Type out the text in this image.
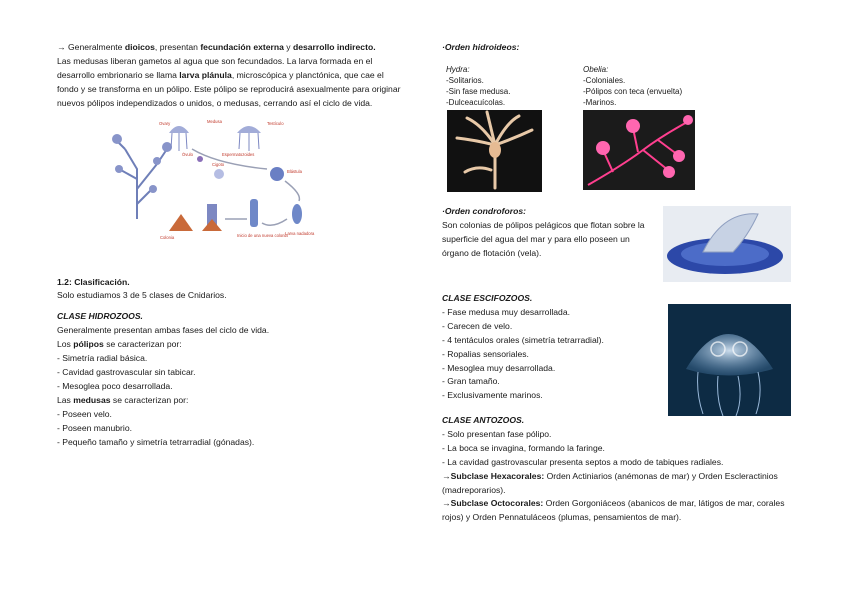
→ Generalmente dioicos, presentan fecundación externa y desarrollo indirecto.

Las medusas liberan gametos al agua que son fecundados. La larva formada en el desarrollo embrionario se llama larva plánula, microscópica y planctónica, que cae el fondo y se transforma en un pólipo. Este pólipo se reproducirá asexualmente para originar nuevos pólipos independizados o unidos, o medusas, cerrando así el ciclo de vida.

Ovary	Medusa	Testículo
Óvulo	Espermatozoides
Cigoto
Blástula
Colonia	Inicio de una nueva colonia
Larva nadadora

1.2: Clasificación.

Solo estudiamos 3 de 5 clases de Cnidarios.

CLASE HIDROZOOS.

Generalmente presentan ambas fases del ciclo de vida.

Los pólipos se caracterizan por:

- Simetría radial básica.

- Cavidad gastrovascular sin tabicar.

- Mesoglea poco desarrollada.

Las medusas se caracterizan por:

- Poseen velo.

- Poseen manubrio.

- Pequeño tamaño y simetría tetrarradial (gónadas).

·Orden hidroideos:

Hydra:

-Solitarios.

-Sin fase medusa.

-Dulceacuícolas.

Obelia:

-Coloniales.

-Pólipos con teca (envuelta)

-Marinos.

·Orden condroforos:

Son colonias de pólipos pelágicos que flotan sobre la superficie del agua del mar y para ello poseen un órgano de flotación (vela).

CLASE ESCIFOZOOS.

- Fase medusa muy desarrollada.

- Carecen de velo.

- 4 tentáculos orales (simetría tetrarradial).

- Ropalias sensoriales.

- Mesoglea muy desarrollada.

- Gran tamaño.

- Exclusivamente marinos.

CLASE ANTOZOOS.

- Solo presentan fase pólipo.

- La boca se invagina, formando la faringe.

- La cavidad gastrovascular presenta septos a modo de tabiques radiales.

→Subclase Hexacorales: Orden Actiniarios (anémonas de mar) y Orden Escleractinios (madreporarios).

→Subclase Octocorales: Orden Gorgoniáceos (abanicos de mar, látigos de mar, corales rojos) y Orden Pennatuláceos (plumas, pensamientos de mar).
